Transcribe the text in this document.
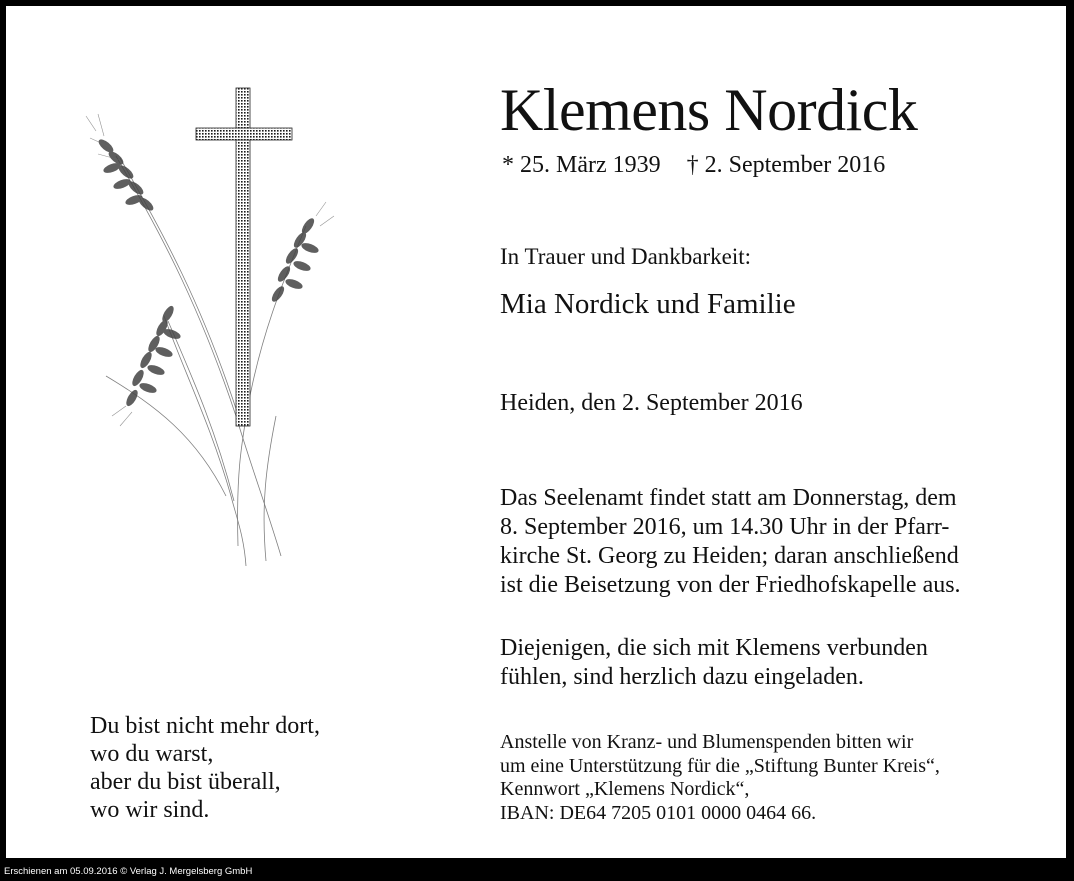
Klemens Nordick
* 25. März 1939 † 2. September 2016
In Trauer und Dankbarkeit:
Mia Nordick und Familie
Heiden, den 2. September 2016
Das Seelenamt findet statt am Donnerstag, dem
8. September 2016, um 14.30 Uhr in der Pfarr-
kirche St. Georg zu Heiden; daran anschließend
ist die Beisetzung von der Friedhofskapelle aus.
Diejenigen, die sich mit Klemens verbunden
fühlen, sind herzlich dazu eingeladen.
Anstelle von Kranz- und Blumenspenden bitten wir
um eine Unterstützung für die „Stiftung Bunter Kreis“,
Kennwort „Klemens Nordick“,
IBAN: DE64 7205 0101 0000 0464 66.
Du bist nicht mehr dort,
wo du warst,
aber du bist überall,
wo wir sind.
Erschienen am 05.09.2016 © Verlag J. Mergelsberg GmbH
